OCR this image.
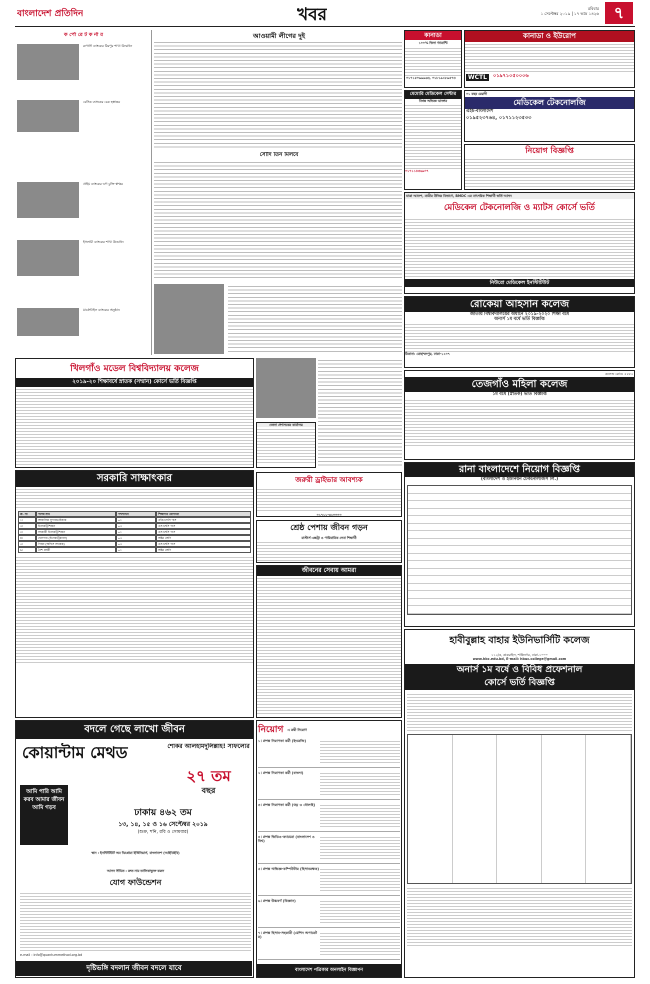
বাংলাদেশ প্রতিদিন	খবর	রবিবার
১ সেপ্টেম্বর ২০১৯ | ১৭ ভাদ্র ১৪২৬ ৭
ক র্পো রে ট ক র্না র
রূপালী ব্যাংকের মিরপুর শাখা উদ্বোধন
বেসিক ব্যাংকের চেক হস্তান্তর
প্রাইম ব্যাংকের ঋণ চুক্তি স্বাক্ষর
ইসলামী ব্যাংকের শাখা উদ্বোধন
মার্কেন্টাইল ব্যাংকের অনুষ্ঠান
আওয়ামী লীগের দুই
সৌদি তিন মিলবে
কানাডা
১০০% ভিসা গ্যারান্টি
০১৭১৫০৯৯৯৬৩, ০১৮১৯২৮৯৫৭৩
কানাডা ও ইউরোপ
WCTL	০১৯৭১০৫০০০৬
মেমোরি মেডিকেল সেন্টার
বিশ্বস্ত অভিজ্ঞ ডাক্তার
০১৭১১৪৩৬৯০৭
০১ বছর মেয়াদী
মেডিকেল টেকনোলজি
এইচ-বাংলাদেশ
০১৯৫২৩৭৬৪, ০১৭১১২৩৫৩৩
নিয়োগ বিজ্ঞপ্তি
যাত্রা আদেশ, যাত্রীর উজির বিভাগে, BMDC এর বাৎসরিক শিক্ষার্থী ভর্তি আসন
মেডিকেল টেকনোলজি ও ম্যাটস কোর্সে ভর্তি
নিউরো মেডিকেল ইনস্টিটিউট
রোকেয়া আহসান কলেজ
জাতীয় বিশ্ববিদ্যালয়ের অধীনে ২০১৯-২০২০ শিক্ষা বর্ষে
অনার্স ১ম বর্ষে ভর্তি বিজ্ঞপ্তি
ঠিকানা: মোহাম্মদপুর, ঢাকা-১২০৭
কলেজ কোড: ৫৫৮২
তেজগাঁও মহিলা কলেজ
১ম বর্ষে (স্নাতক) ভর্তি বিজ্ঞপ্তি
খিলগাঁও মডেল বিশ্ববিদ্যালয় কলেজ
২০১৯-২০ শিক্ষাবর্ষে স্নাতক (সম্মান) কোর্সে ভর্তি বিজ্ঞপ্তি
জেলা প্রশাসকের কার্যালয়
জরুরী ড্রাইভার আবশ্যক
০১৭১১-৩২০০০০
শ্রেষ্ঠ পেশায় জীবন গড়ন
মাস্টার্স এক্সট্রা ও পারিবারিক সেবা শিক্ষার্থী
সরকারি সাক্ষাৎকার
ক্র. নং	পদের নাম	পদসংখ্যা	শিক্ষাগত যোগ্যতা
১।	আবাসিক সুপারভাইজার	০১	এইচএসসি পাস
২।	ইলেকট্রিশিয়ান	০২	এসএসসি পাস
৩।	সহকারী ইলেকট্রিশিয়ান	০১	এসএসসি পাস
৪।	হেলপার (ইলেকট্রিক্যাল)	০২	অষ্টম শ্রেণি
৫।	পিয়ন (অফিস সহায়ক)	০২	এসএসসি পাস
৬।	নৈশ প্রহরী	০১	অষ্টম শ্রেণি
রানা বাংলাদেশে নিয়োগ বিজ্ঞপ্তি
(বাংলাদেশ ও ইউনিয়ন টেকনোলজিস লি.)
বদলে গেছে লাখো জীবন
কোয়ান্টাম মেথড	শোকর আলহামদুলিল্লাহ! সাফল্যের
২৭ তম
বছর
আমি পারি আমি করব আমার জীবন আমি গড়ব	ঢাকায় ৪৬২ তম
১৩, ১৪, ১৫ ও ১৬ সেপ্টেম্বর ২০১৯
(শুক্র, শনি, রবি ও সোমবার)
স্থান : ইনস্টিটিউট অব ডিপ্লোমা ইঞ্জিনিয়ার্স, বাংলাদেশ (আইডিইবি)
আসন সীমিত : দ্রুত নাম তালিকাভুক্ত করুন
যোগ ফাউন্ডেশন
e-mail : info@quantummethod.org.bd
দৃষ্টিভঙ্গি বদলান জীবন বদলে যাবে
নিয়োগ এ রুরী নিয়োগ
১। প্রশস্ত নিরাপত্তা কর্মী (ইংরেজি)
২। প্রশস্ত নিরাপত্তা কর্মী (বাংলা)
৩। প্রশস্ত নিরাপত্তা কর্মী (ঘড় ও ধোলাই)
৪। প্রশস্ত ভিডিও-ক্যামেরা (বাংলাদেশ ও বিশ্ব)
৫। প্রশস্ত অভিজ্ঞ-কম্পিউটার (হিসাবরক্ষক)
৬। প্রশস্ত উচ্চবর্গ (বিজ্ঞান)
৭। প্রশস্ত হিসাব-সহকারী (মেশিন অপারেটর)
বাংলাদেশ পত্রিকার অনলাইন বিজ্ঞাপন
হাবীবুল্লাহ বাহার ইউনিভার্সিটি কলেজ
১১২/৩, কাকরাইল, শান্তিনগর, ঢাকা-১০০০
www.hbc.edu.bd, E-mail: hbuc.college@gmail.com
অনার্স ১ম বর্ষে ও বিবিধ প্রফেশনাল
কোর্সে ভর্তি বিজ্ঞপ্তি
জীবনের সেবায় আমরা
